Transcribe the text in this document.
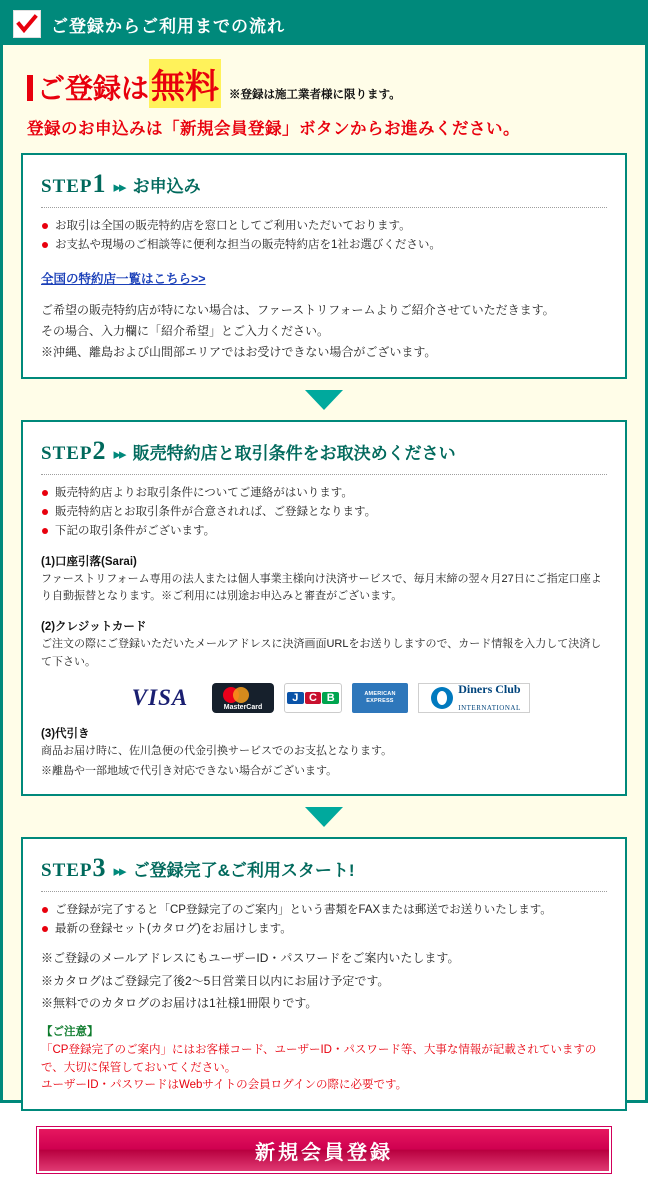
ご登録からご利用までの流れ
ご登録は 無料 ※登録は施工業者様に限ります。
登録のお申込みは「新規会員登録」ボタンからお進みください。
STEP 1 ▸▸ お申込み
お取引は全国の販売特約店を窓口としてご利用いただいております。
お支払や現場のご相談等に便利な担当の販売特約店を1社お選びください。
全国の特約店一覧はこちら>>
ご希望の販売特約店が特にない場合は、ファーストリフォームよりご紹介させていただきます。
その場合、入力欄に「紹介希望」とご入力ください。
※沖縄、離島および山間部エリアではお受けできない場合がございます。
STEP 2 ▸▸ 販売特約店と取引条件をお取決めください
販売特約店よりお取引条件についてご連絡がはいります。
販売特約店とお取引条件が合意されれば、ご登録となります。
下記の取引条件がございます。
(1)口座引落(Sarai)
ファーストリフォーム専用の法人または個人事業主様向け決済サービスで、毎月末締の翌々月27日にご指定口座より自動振替となります。※ご利用には別途お申込みと審査がございます。
(2)クレジットカード
ご注文の際にご登録いただいたメールアドレスに決済画面URLをお送りしますので、カード情報を入力して決済して下さい。
VISA	MasterCard
J C B	AMERICAN EXPRESS
Diners Club
INTERNATIONAL
(3)代引き
商品お届け時に、佐川急便の代金引換サービスでのお支払となります。
※離島や一部地域で代引き対応できない場合がございます。
STEP 3 ▸▸ ご登録完了&ご利用スタート!
ご登録が完了すると「CP登録完了のご案内」という書類をFAXまたは郵送でお送りいたします。
最新の登録セット(カタログ)をお届けします。
※ご登録のメールアドレスにもユーザーID・パスワードをご案内いたします。
※カタログはご登録完了後2～5日営業日以内にお届け予定です。
※無料でのカタログのお届けは1社様1冊限りです。
【ご注意】
「CP登録完了のご案内」にはお客様コード、ユーザーID・パスワード等、大事な情報が記載されていますので、大切に保管しておいてください。
ユーザーID・パスワードはWebサイトの会員ログインの際に必要です。
新規会員登録
